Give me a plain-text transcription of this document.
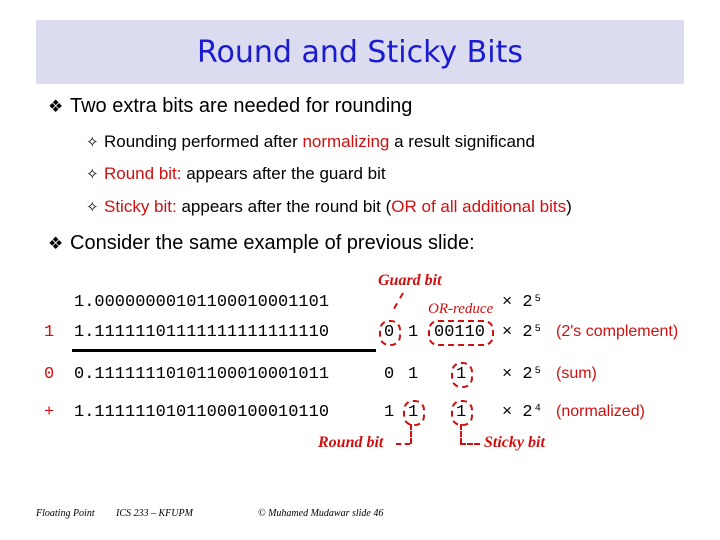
Round and Sticky Bits
❖ Two extra bits are needed for rounding
✧ Rounding performed after normalizing a result significand
✧ Round bit: appears after the guard bit
✧ Sticky bit: appears after the round bit (OR of all additional bits)
❖ Consider the same example of previous slide:
Guard bit
OR-reduce
1.00000000101100010001101	× 2⁵
1 1.11111101111111111111110	0 1 00110 × 2⁵ (2's complement)
0 0.11111110101100010001011	0 1 1 × 2⁵ (sum)
+ 1.11111101011000100010110	1 1 1 × 2⁴ (normalized)
Round bit	Sticky bit
Floating Point ICS 233 – KFUPM	© Muhamed Mudawar slide 46
